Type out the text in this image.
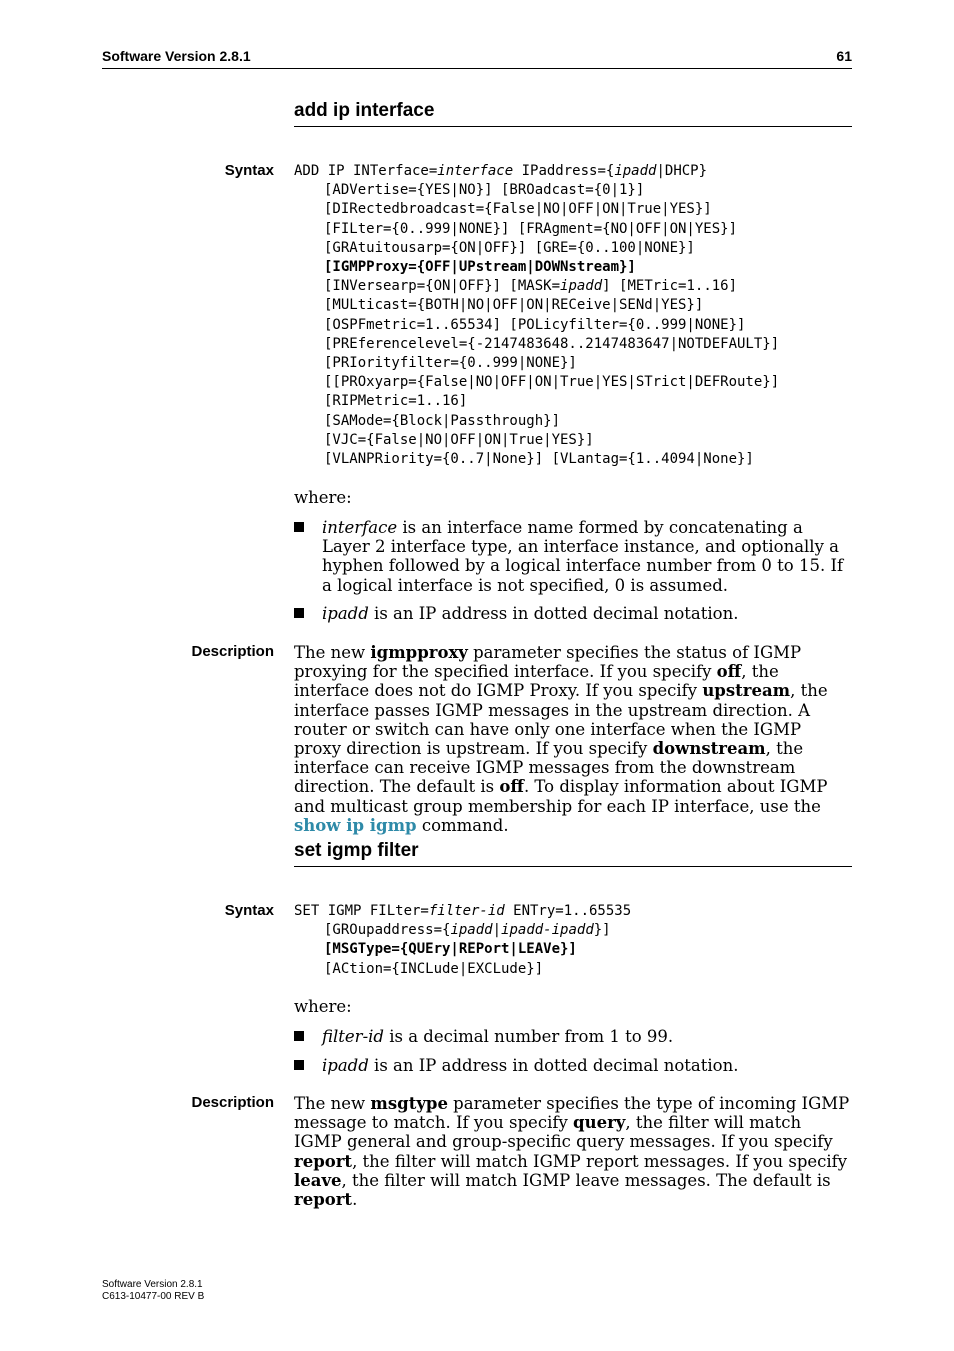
Software Version 2.8.1	61
add ip interface
Syntax ADD IP INTerface=interface IPaddress={ipadd|DHCP}
[ADVertise={YES|NO}] [BROadcast={0|1}]
[DIRectedbroadcast={False|NO|OFF|ON|True|YES}]
[FILter={0..999|NONE}] [FRAgment={NO|OFF|ON|YES}]
[GRAtuitousarp={ON|OFF}] [GRE={0..100|NONE}]
[IGMPProxy={OFF|UPstream|DOWNstream}]
[INVersearp={ON|OFF}] [MASK=ipadd] [METric=1..16]
[MULticast={BOTH|NO|OFF|ON|RECeive|SENd|YES}]
[OSPFmetric=1..65534] [POLicyfilter={0..999|NONE}]
[PREferencelevel={-2147483648..2147483647|NOTDEFAULT}]
[PRIorityfilter={0..999|NONE}]
[[PROxyarp={False|NO|OFF|ON|True|YES|STrict|DEFRoute}]
[RIPMetric=1..16]
[SAMode={Block|Passthrough}]
[VJC={False|NO|OFF|ON|True|YES}]
[VLANPRiority={0..7|None}] [VLantag={1..4094|None}]
where:
interface is an interface name formed by concatenating a Layer 2 interface type, an interface instance, and optionally a hyphen followed by a logical interface number from 0 to 15. If a logical interface is not specified, 0 is assumed.
ipadd is an IP address in dotted decimal notation.
Description The new igmpproxy parameter specifies the status of IGMP proxying for the specified interface. If you specify off, the interface does not do IGMP Proxy. If you specify upstream, the interface passes IGMP messages in the upstream direction. A router or switch can have only one interface when the IGMP proxy direction is upstream. If you specify downstream, the interface can receive IGMP messages from the downstream direction. The default is off. To display information about IGMP and multicast group membership for each IP interface, use the show ip igmp command.
set igmp filter
Syntax SET IGMP FILter=filter-id ENTry=1..65535
[GROupaddress={ipadd|ipadd-ipadd}]
[MSGType={QUEry|REPort|LEAVe}]
[ACtion={INCLude|EXCLude}]
where:
filter-id is a decimal number from 1 to 99.
ipadd is an IP address in dotted decimal notation.
Description The new msgtype parameter specifies the type of incoming IGMP message to match. If you specify query, the filter will match IGMP general and group-specific query messages. If you specify report, the filter will match IGMP report messages. If you specify leave, the filter will match IGMP leave messages. The default is report.
Software Version 2.8.1
C613-10477-00 REV B
